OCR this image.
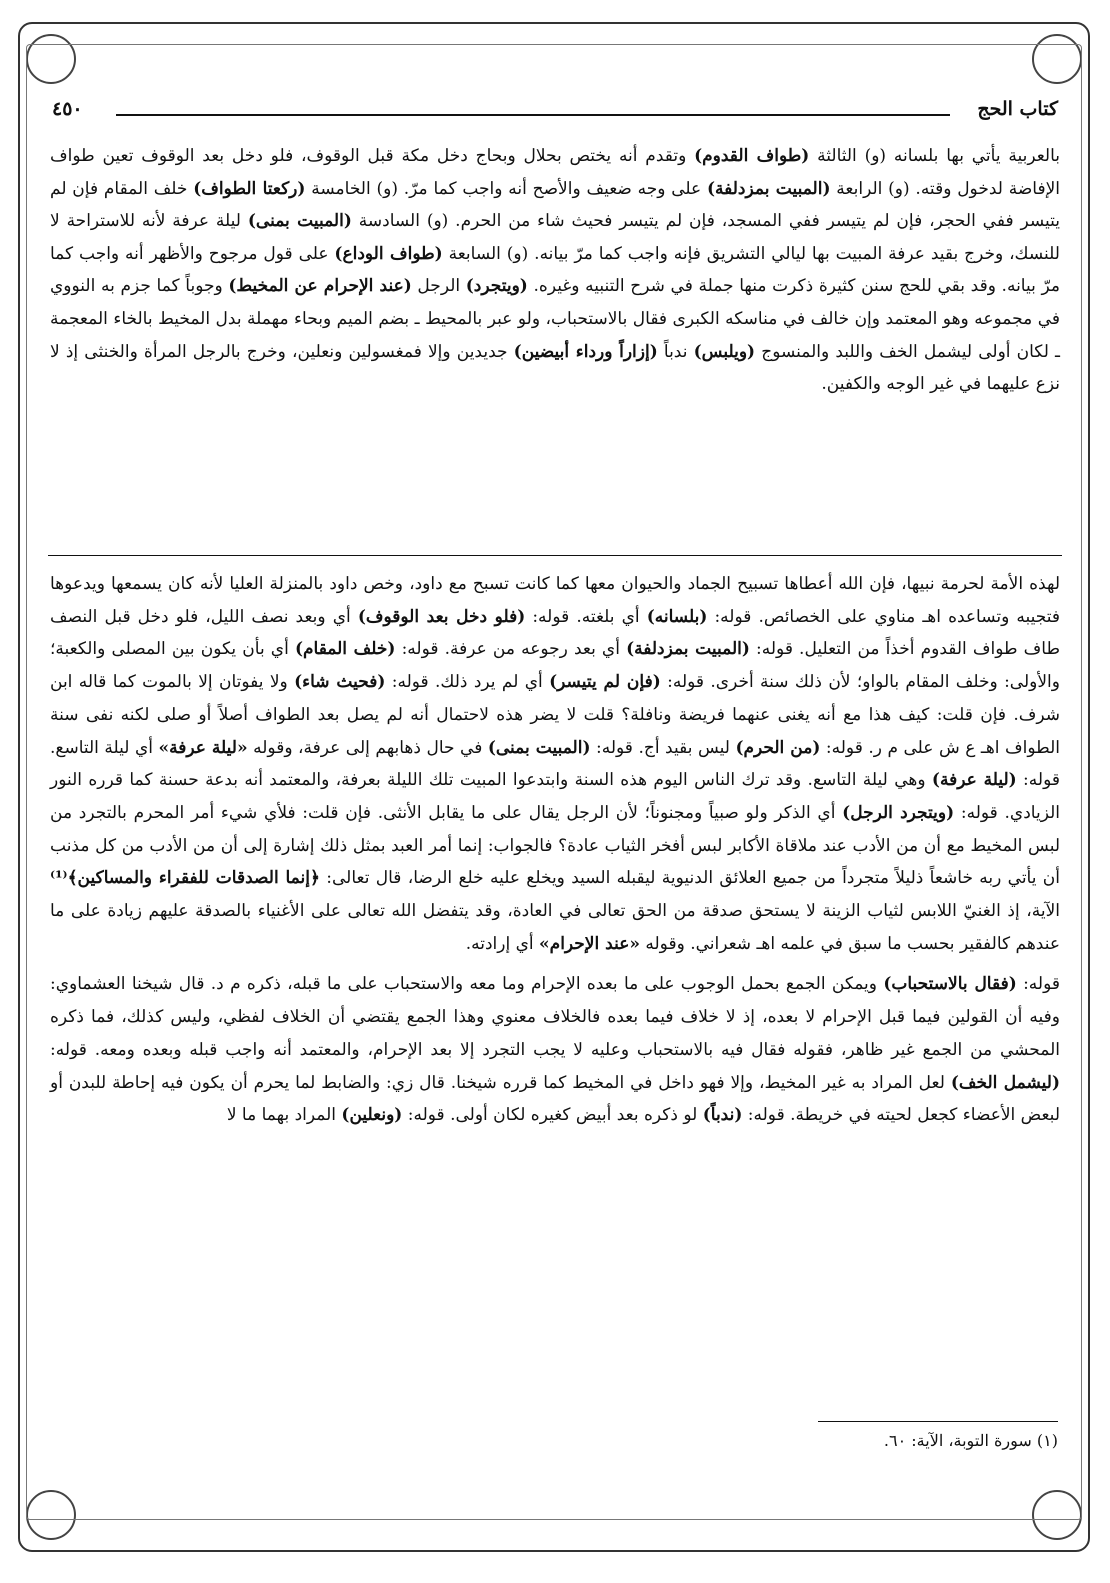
كتاب الحج
٤٥٠
بالعربية يأتي بها بلسانه (و) الثالثة (طواف القدوم) وتقدم أنه يختص بحلال وبحاج دخل مكة قبل الوقوف، فلو دخل بعد الوقوف تعين طواف الإفاضة لدخول وقته. (و) الرابعة (المبيت بمزدلفة) على وجه ضعيف والأصح أنه واجب كما مرّ. (و) الخامسة (ركعتا الطواف) خلف المقام فإن لم يتيسر ففي الحجر، فإن لم يتيسر ففي المسجد، فإن لم يتيسر فحيث شاء من الحرم. (و) السادسة (المبيت بمنى) ليلة عرفة لأنه للاستراحة لا للنسك، وخرج بقيد عرفة المبيت بها ليالي التشريق فإنه واجب كما مرّ بيانه. (و) السابعة (طواف الوداع) على قول مرجوح والأظهر أنه واجب كما مرّ بيانه. وقد بقي للحج سنن كثيرة ذكرت منها جملة في شرح التنبيه وغيره. (ويتجرد) الرجل (عند الإحرام عن المخيط) وجوباً كما جزم به النووي في مجموعه وهو المعتمد وإن خالف في مناسكه الكبرى فقال بالاستحباب، ولو عبر بالمحيط ـ بضم الميم وبحاء مهملة بدل المخيط بالخاء المعجمة ـ لكان أولى ليشمل الخف واللبد والمنسوج (ويلبس) ندباً (إزاراً ورداء أبيضين) جديدين وإلا فمغسولين ونعلين، وخرج بالرجل المرأة والخنثى إذ لا نزع عليهما في غير الوجه والكفين.

لهذه الأمة لحرمة نبيها، فإن الله أعطاها تسبيح الجماد والحيوان معها كما كانت تسبح مع داود، وخص داود بالمنزلة العليا لأنه كان يسمعها ويدعوها فتجيبه وتساعده اهـ مناوي على الخصائص. قوله: (بلسانه) أي بلغته. قوله: (فلو دخل بعد الوقوف) أي وبعد نصف الليل، فلو دخل قبل النصف طاف طواف القدوم أخذاً من التعليل. قوله: (المبيت بمزدلفة) أي بعد رجوعه من عرفة. قوله: (خلف المقام) أي بأن يكون بين المصلى والكعبة؛ والأولى: وخلف المقام بالواو؛ لأن ذلك سنة أخرى. قوله: (فإن لم يتيسر) أي لم يرد ذلك. قوله: (فحيث شاء) ولا يفوتان إلا بالموت كما قاله ابن شرف. فإن قلت: كيف هذا مع أنه يغنى عنهما فريضة ونافلة؟ قلت لا يضر هذه لاحتمال أنه لم يصل بعد الطواف أصلاً أو صلى لكنه نفى سنة الطواف اهـ ع ش على م ر. قوله: (من الحرم) ليس بقيد أج. قوله: (المبيت بمنى) في حال ذهابهم إلى عرفة، وقوله «ليلة عرفة» أي ليلة التاسع. قوله: (ليلة عرفة) وهي ليلة التاسع. وقد ترك الناس اليوم هذه السنة وابتدعوا المبيت تلك الليلة بعرفة، والمعتمد أنه بدعة حسنة كما قرره النور الزيادي. قوله: (ويتجرد الرجل) أي الذكر ولو صبياً ومجنوناً؛ لأن الرجل يقال على ما يقابل الأنثى. فإن قلت: فلأي شيء أمر المحرم بالتجرد من لبس المخيط مع أن من الأدب عند ملاقاة الأكابر لبس أفخر الثياب عادة؟ فالجواب: إنما أمر العبد بمثل ذلك إشارة إلى أن من الأدب من كل مذنب أن يأتي ربه خاشعاً ذليلاً متجرداً من جميع العلائق الدنيوية ليقبله السيد ويخلع عليه خلع الرضا، قال تعالى: ﴿إنما الصدقات للفقراء والمساكين﴾⁽¹⁾ الآية، إذ الغنيّ اللابس لثياب الزينة لا يستحق صدقة من الحق تعالى في العادة، وقد يتفضل الله تعالى على الأغنياء بالصدقة عليهم زيادة على ما عندهم كالفقير بحسب ما سبق في علمه اهـ شعراني. وقوله «عند الإحرام» أي إرادته.

قوله: (فقال بالاستحباب) ويمكن الجمع بحمل الوجوب على ما بعده الإحرام وما معه والاستحباب على ما قبله، ذكره م د. قال شيخنا العشماوي: وفيه أن القولين فيما قبل الإحرام لا بعده، إذ لا خلاف فيما بعده فالخلاف معنوي وهذا الجمع يقتضي أن الخلاف لفظي، وليس كذلك، فما ذكره المحشي من الجمع غير ظاهر، فقوله فقال فيه بالاستحباب وعليه لا يجب التجرد إلا بعد الإحرام، والمعتمد أنه واجب قبله وبعده ومعه. قوله: (ليشمل الخف) لعل المراد به غير المخيط، وإلا فهو داخل في المخيط كما قرره شيخنا. قال زي: والضابط لما يحرم أن يكون فيه إحاطة للبدن أو لبعض الأعضاء كجعل لحيته في خريطة. قوله: (ندباً) لو ذكره بعد أبيض كغيره لكان أولى. قوله: (ونعلين) المراد بهما ما لا

(١) سورة التوبة، الآية: ٦٠.
